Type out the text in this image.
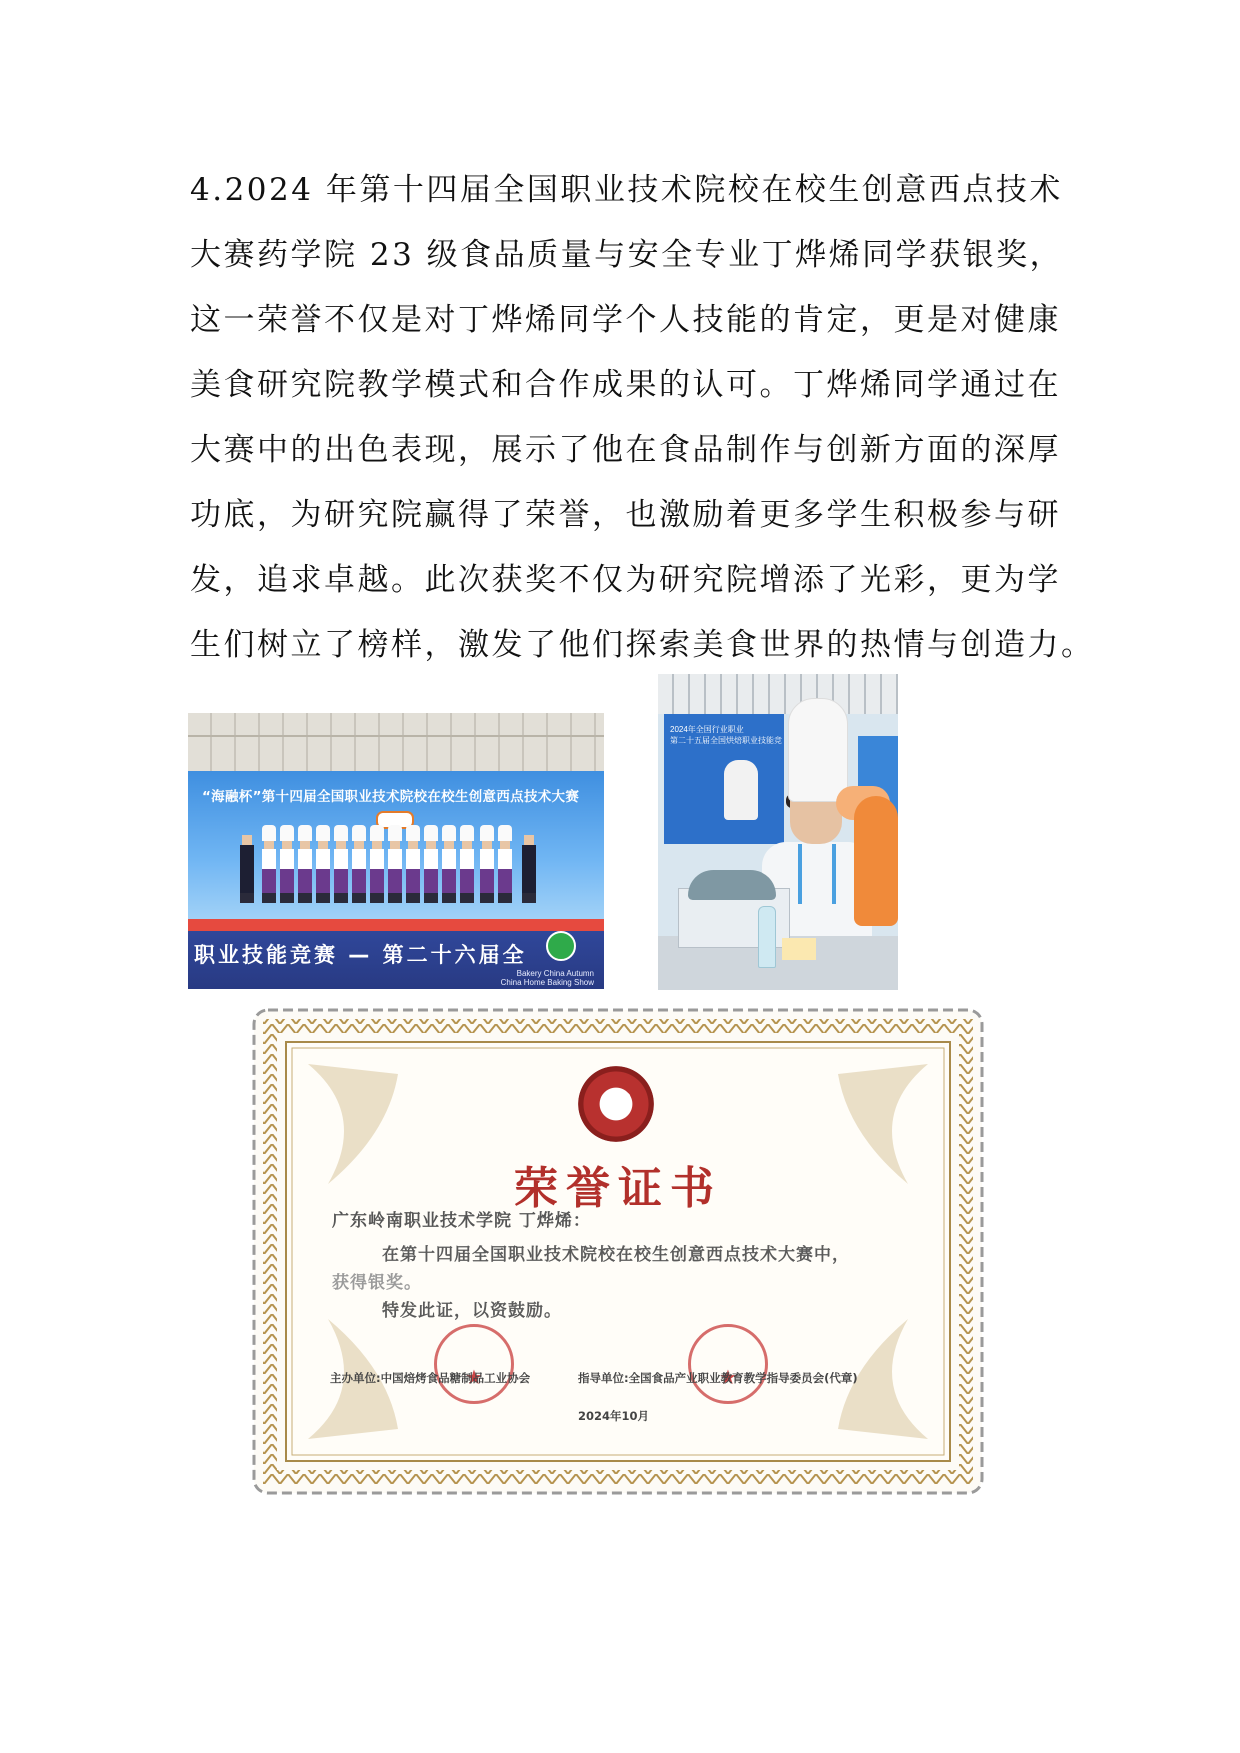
4.2024 年第十四届全国职业技术院校在校生创意西点技术
大赛药学院 23 级食品质量与安全专业丁烨烯同学获银奖，
这一荣誉不仅是对丁烨烯同学个人技能的肯定，更是对健康
美食研究院教学模式和合作成果的认可。丁烨烯同学通过在
大赛中的出色表现，展示了他在食品制作与创新方面的深厚
功底，为研究院赢得了荣誉，也激励着更多学生积极参与研
发，追求卓越。此次获奖不仅为研究院增添了光彩，更为学
生们树立了榜样，激发了他们探索美食世界的热情与创造力。
“海融杯”第十四届全国职业技术院校在校生创意西点技术大赛
职业技能竞赛 — 第二十六届全
Bakery China Autumn
China Home Baking Show
2024年全国行业职业
第二十五届全国烘焙职业技能竞
CB
荣誉证书
广东岭南职业技术学院 丁烨烯：
在第十四届全国职业技术院校在校生创意西点技术大赛中，
获得银奖。
特发此证，以资鼓励。
★
★
主办单位:中国焙烤食品糖制品工业协会	指导单位:全国食品产业职业教育教学指导委员会(代章)
2024年10月
